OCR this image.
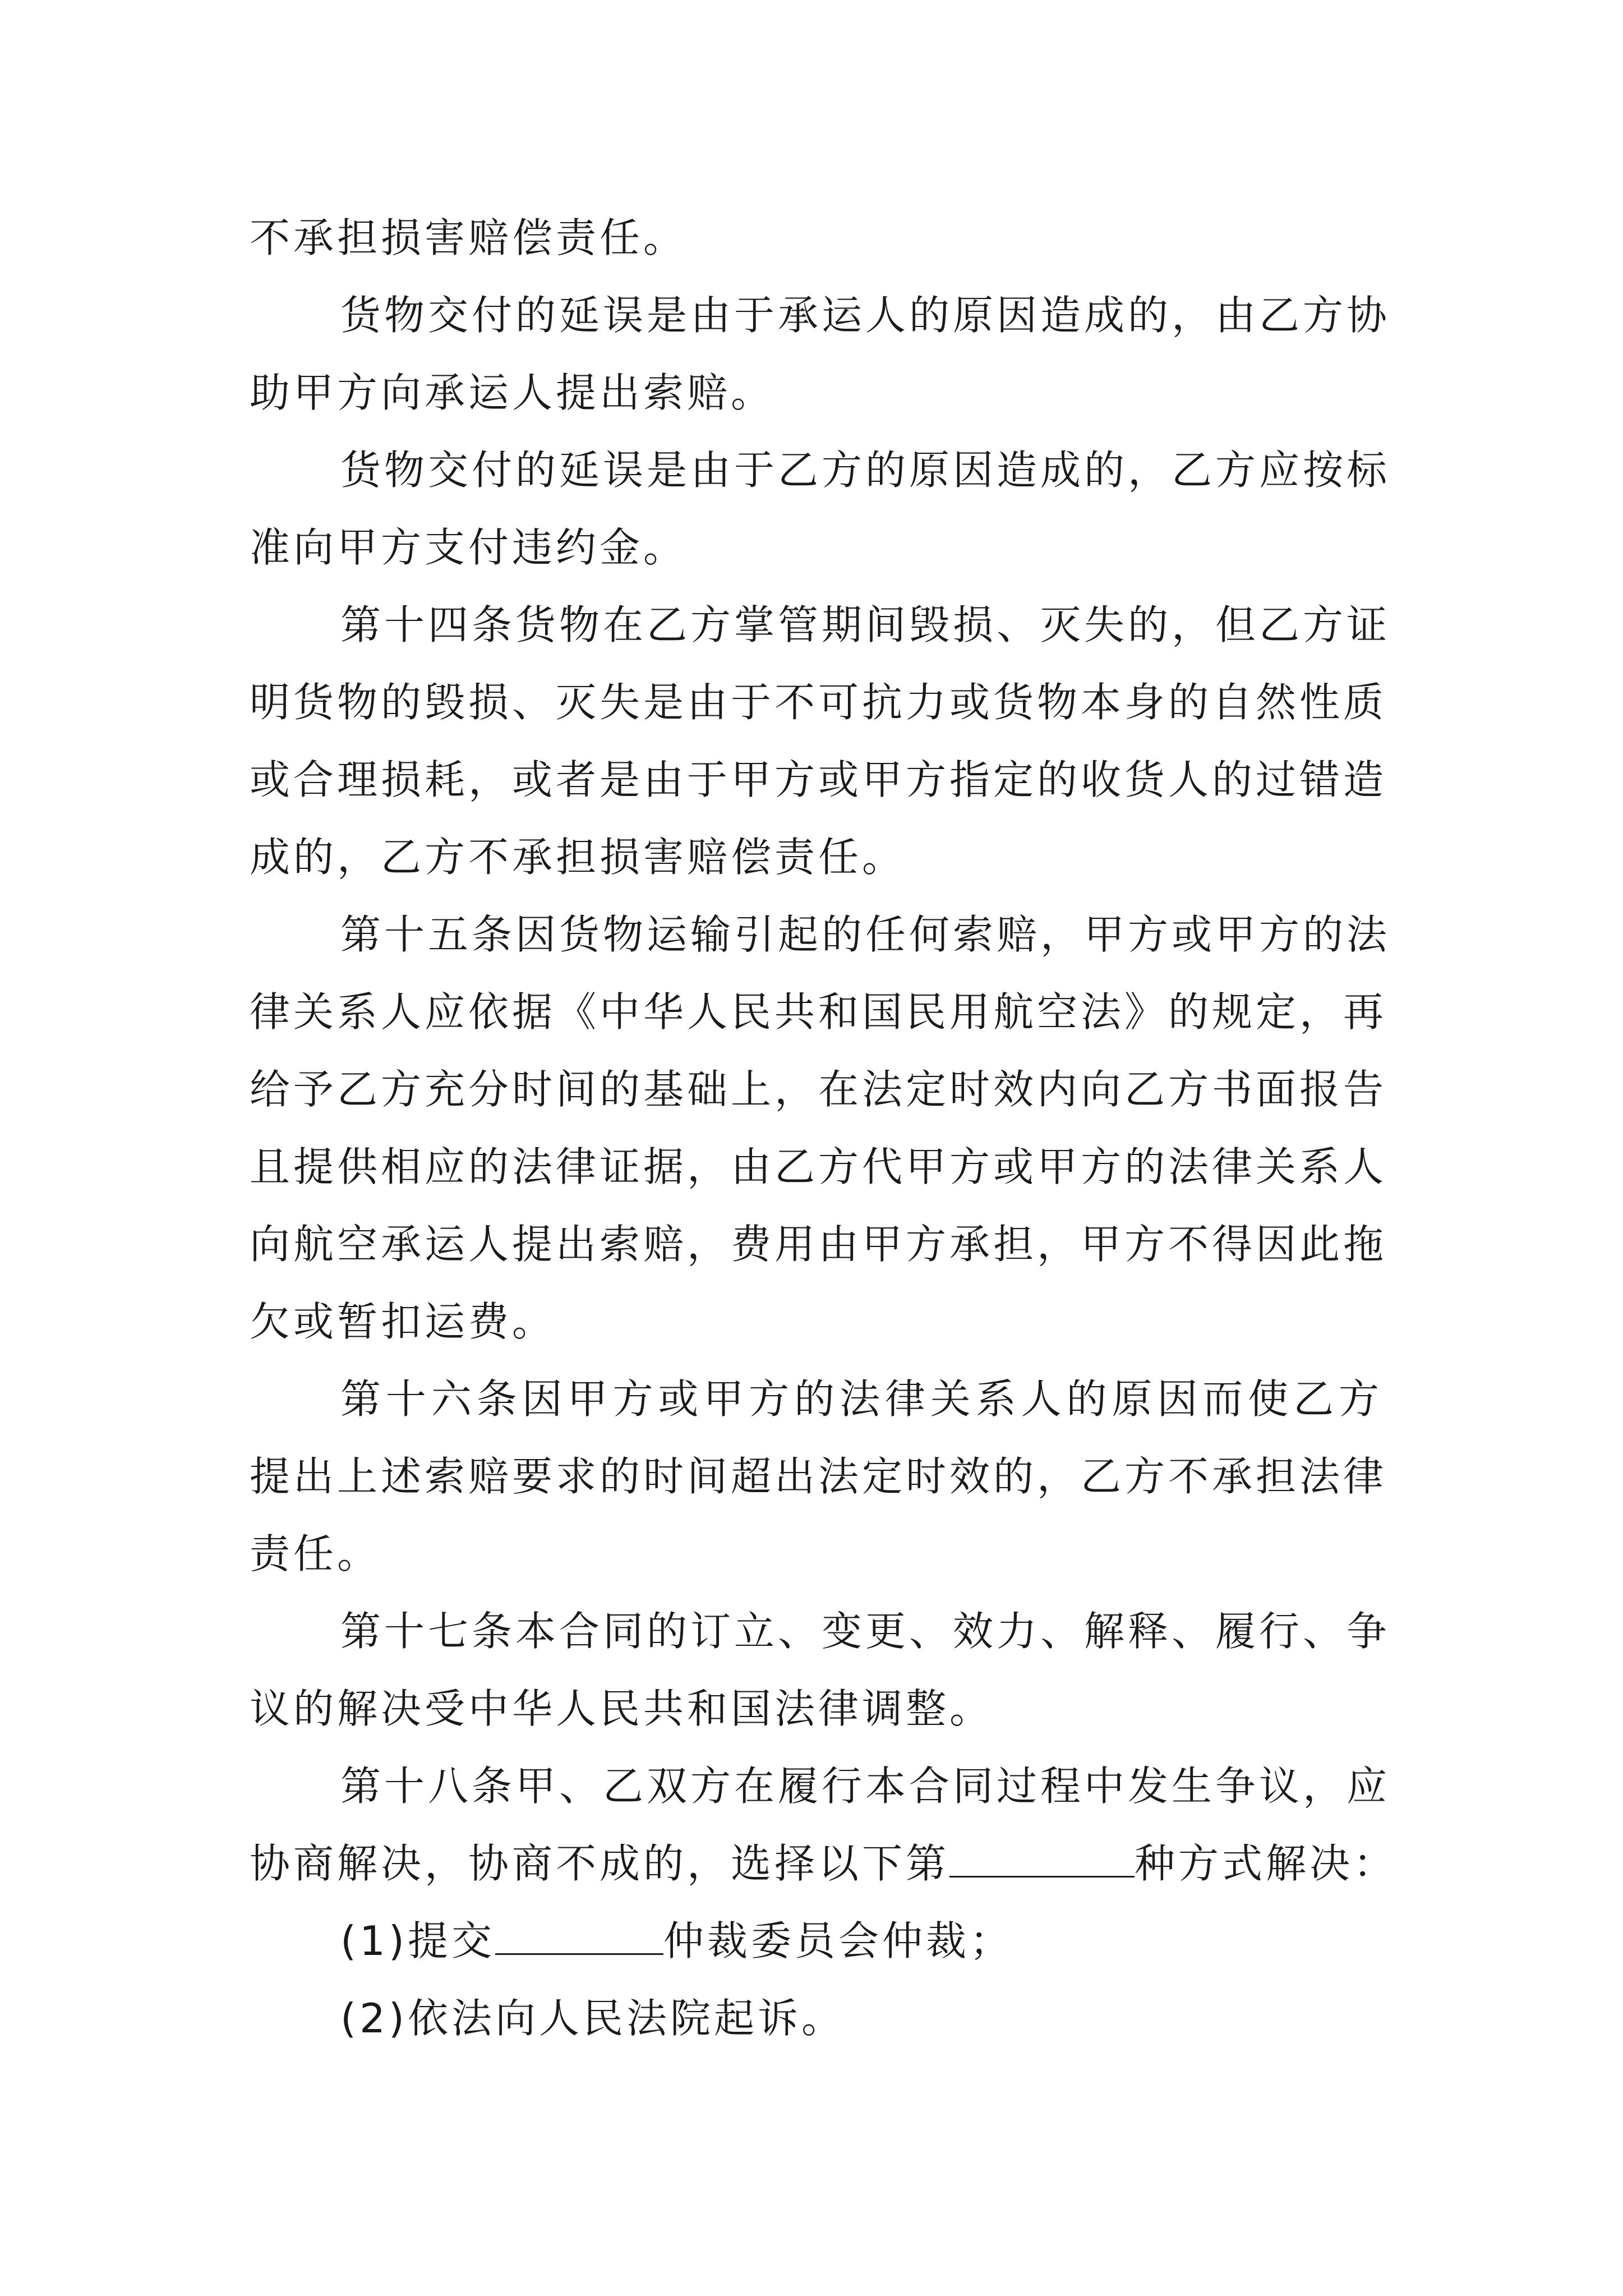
不承担损害赔偿责任。
货物交付的延误是由于承运人的原因造成的，由乙方协
助甲方向承运人提出索赔。
货物交付的延误是由于乙方的原因造成的，乙方应按标
准向甲方支付违约金。
第十四条货物在乙方掌管期间毁损、灭失的，但乙方证
明货物的毁损、灭失是由于不可抗力或货物本身的自然性质
或合理损耗，或者是由于甲方或甲方指定的收货人的过错造
成的，乙方不承担损害赔偿责任。
第十五条因货物运输引起的任何索赔，甲方或甲方的法
律关系人应依据《中华人民共和国民用航空法》的规定，再
给予乙方充分时间的基础上，在法定时效内向乙方书面报告
且提供相应的法律证据，由乙方代甲方或甲方的法律关系人
向航空承运人提出索赔，费用由甲方承担，甲方不得因此拖
欠或暂扣运费。
第十六条因甲方或甲方的法律关系人的原因而使乙方
提出上述索赔要求的时间超出法定时效的，乙方不承担法律
责任。
第十七条本合同的订立、变更、效力、解释、履行、争
议的解决受中华人民共和国法律调整。
第十八条甲、乙双方在履行本合同过程中发生争议，应
协商解决，协商不成的，选择以下第	种方式解决：
(1)提交	仲裁委员会仲裁；
(2)依法向人民法院起诉。
